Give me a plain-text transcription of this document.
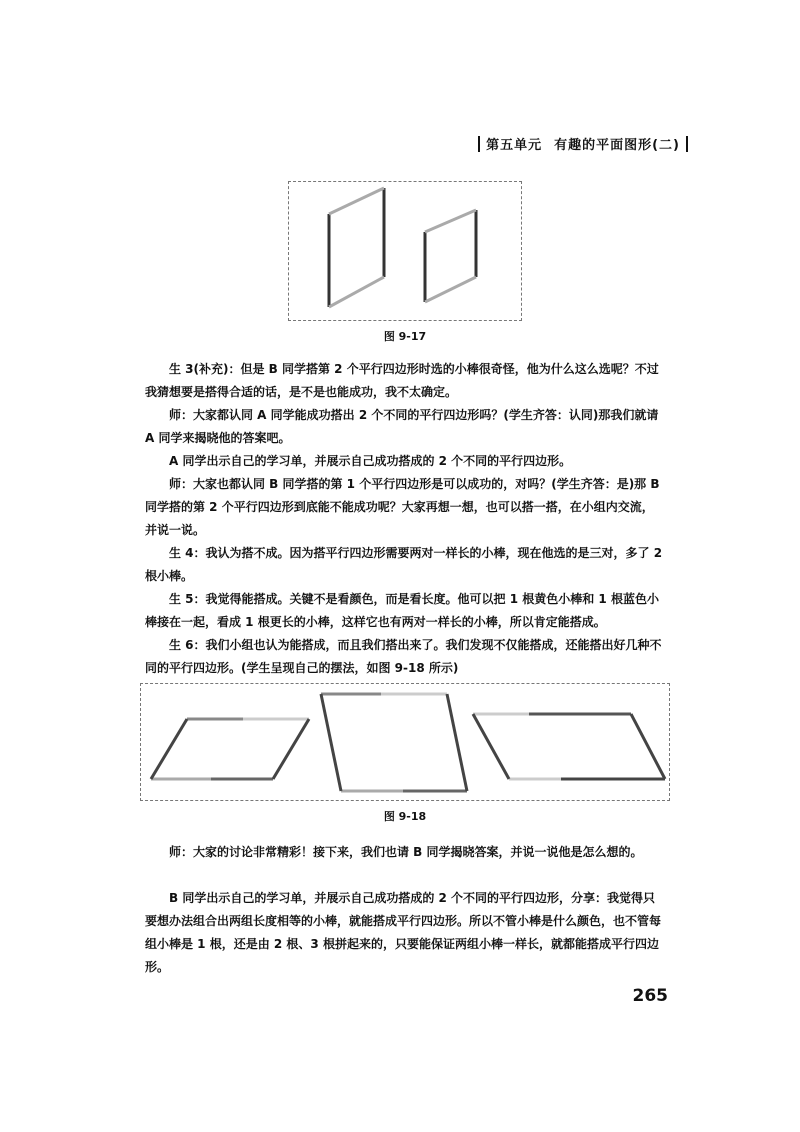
第五单元 有趣的平面图形(二)
图 9-17

生 3(补充)：但是 B 同学搭第 2 个平行四边形时选的小棒很奇怪，他为什么这么选呢？不过我猜想要是搭得合适的话，是不是也能成功，我不太确定。

师：大家都认同 A 同学能成功搭出 2 个不同的平行四边形吗？(学生齐答：认同)那我们就请 A 同学来揭晓他的答案吧。

A 同学出示自己的学习单，并展示自己成功搭成的 2 个不同的平行四边形。

师：大家也都认同 B 同学搭的第 1 个平行四边形是可以成功的，对吗？(学生齐答：是)那 B 同学搭的第 2 个平行四边形到底能不能成功呢？大家再想一想，也可以搭一搭，在小组内交流，并说一说。

生 4：我认为搭不成。因为搭平行四边形需要两对一样长的小棒，现在他选的是三对，多了 2 根小棒。

生 5：我觉得能搭成。关键不是看颜色，而是看长度。他可以把 1 根黄色小棒和 1 根蓝色小棒接在一起，看成 1 根更长的小棒，这样它也有两对一样长的小棒，所以肯定能搭成。

生 6：我们小组也认为能搭成，而且我们搭出来了。我们发现不仅能搭成，还能搭出好几种不同的平行四边形。(学生呈现自己的摆法，如图 9-18 所示)

图 9-18

师：大家的讨论非常精彩！接下来，我们也请 B 同学揭晓答案，并说一说他是怎么想的。

B 同学出示自己的学习单，并展示自己成功搭成的 2 个不同的平行四边形，分享：我觉得只要想办法组合出两组长度相等的小棒，就能搭成平行四边形。所以不管小棒是什么颜色，也不管每组小棒是 1 根，还是由 2 根、3 根拼起来的，只要能保证两组小棒一样长，就都能搭成平行四边形。

265
